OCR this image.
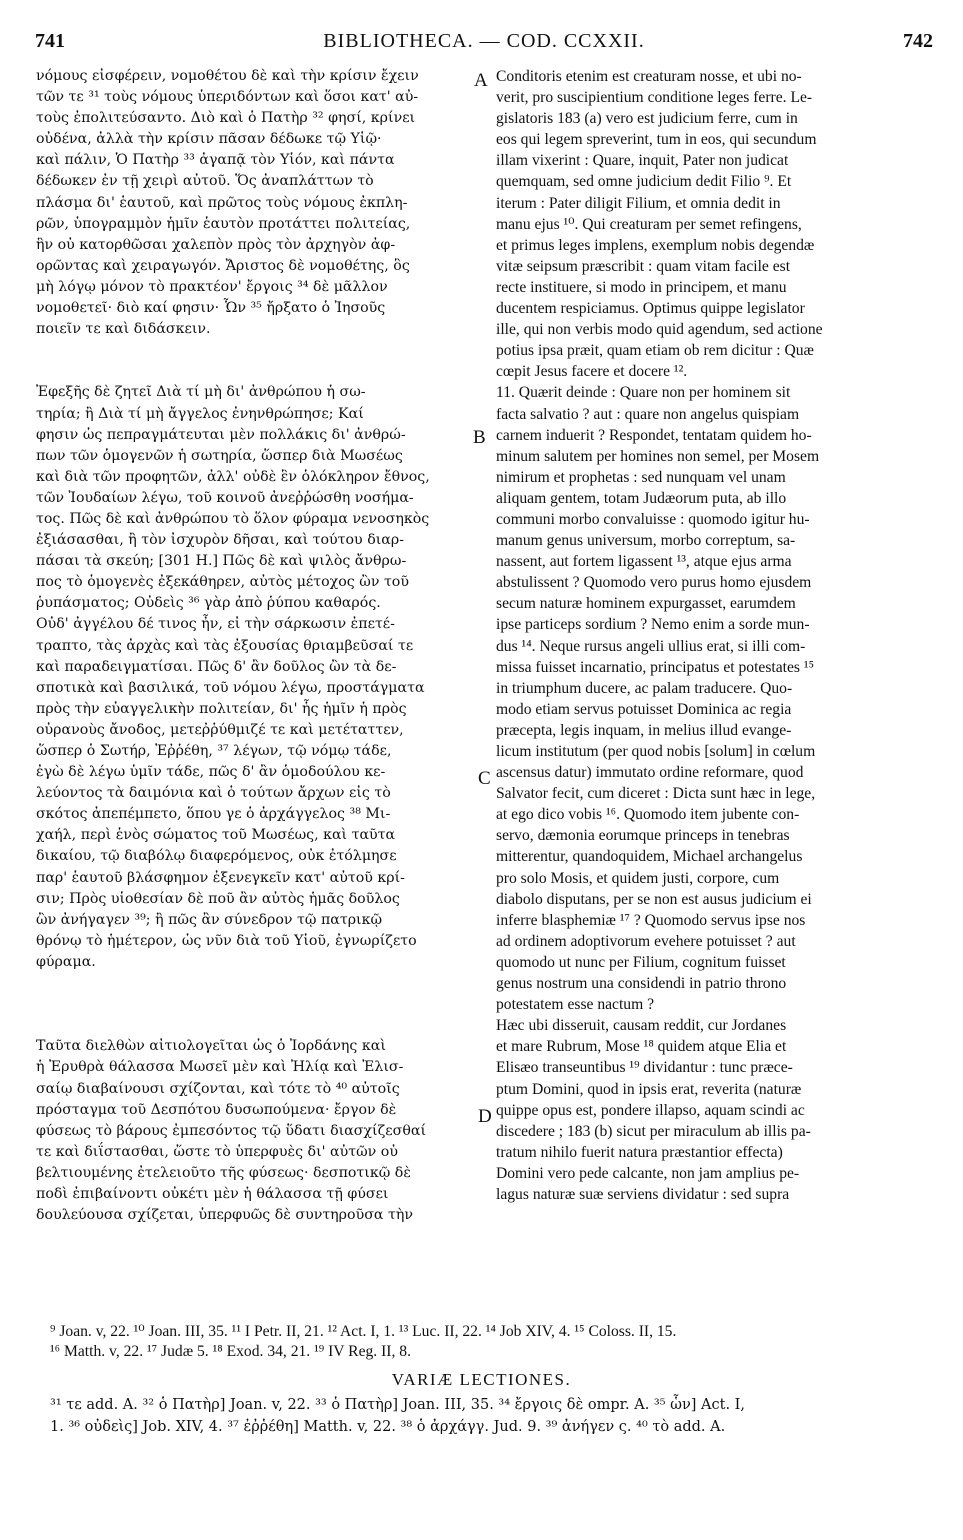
741	BIBLIOTHECA. — COD. CCXXII.	742
νόμους εἰσφέρειν, νομοθέτου δὲ καὶ τὴν κρίσιν ἔχειν
τῶν τε ³¹ τοὺς νόμους ὑπεριδόντων καὶ ὅσοι κατ' αὐ-
τοὺς ἐπολιτεύσαντο. Διὸ καὶ ὁ Πατὴρ ³² φησί, κρίνει
οὐδένα, ἀλλὰ τὴν κρίσιν πᾶσαν δέδωκε τῷ Υἱῷ·
καὶ πάλιν, Ὁ Πατὴρ ³³ ἀγαπᾷ τὸν Υἱόν, καὶ πάντα
δέδωκεν ἐν τῇ χειρὶ αὐτοῦ. Ὅς ἀναπλάττων τὸ
πλάσμα δι' ἑαυτοῦ, καὶ πρῶτος τοὺς νόμους ἐκπλη-
ρῶν, ὑπογραμμὸν ἡμῖν ἑαυτὸν προτάττει πολιτείας,
ἣν οὐ κατορθῶσαι χαλεπὸν πρὸς τὸν ἀρχηγὸν ἀφ-
ορῶντας καὶ χειραγωγόν. Ἄριστος δὲ νομοθέτης, ὃς
μὴ λόγῳ μόνον τὸ πρακτέον' ἔργοις ³⁴ δὲ μᾶλλον
νομοθετεῖ· διὸ καί φησιν· Ὧν ³⁵ ἤρξατο ὁ Ἰησοῦς
ποιεῖν τε καὶ διδάσκειν.

Ἐφεξῆς δὲ ζητεῖ Διὰ τί μὴ δι' ἀνθρώπου ἡ σω-
τηρία; ἢ Διὰ τί μὴ ἄγγελος ἐνηνθρώπησε; Καί
φησιν ὡς πεπραγμάτευται μὲν πολλάκις δι' ἀνθρώ-
πων τῶν ὁμογενῶν ἡ σωτηρία, ὥσπερ διὰ Μωσέως
καὶ διὰ τῶν προφητῶν, ἀλλ' οὐδὲ ἓν ὁλόκληρον ἔθνος,
τῶν Ἰουδαίων λέγω, τοῦ κοινοῦ ἀνεῤῥώσθη νοσήμα-
τος. Πῶς δὲ καὶ ἀνθρώπου τὸ ὅλον φύραμα νενοσηκὸς
ἐξιάσασθαι, ἢ τὸν ἰσχυρὸν δῆσαι, καὶ τούτου διαρ-
πάσαι τὰ σκεύη; [301 Η.] Πῶς δὲ καὶ ψιλὸς ἄνθρω-
πος τὸ ὁμογενὲς ἐξεκάθηρεν, αὐτὸς μέτοχος ὢν τοῦ
ῥυπάσματος; Οὐδεὶς ³⁶ γὰρ ἀπὸ ῥύπου καθαρός.
Οὐδ' ἀγγέλου δέ τινος ἦν, εἰ τὴν σάρκωσιν ἐπετέ-
τραπτο, τὰς ἀρχὰς καὶ τὰς ἐξουσίας θριαμβεῦσαί τε
καὶ παραδειγματίσαι. Πῶς δ' ἂν δοῦλος ὢν τὰ δε-
σποτικὰ καὶ βασιλικά, τοῦ νόμου λέγω, προστάγματα
πρὸς τὴν εὐαγγελικὴν πολιτείαν, δι' ἧς ἡμῖν ἡ πρὸς
οὐρανοὺς ἄνοδος, μετεῤῥύθμιζέ τε καὶ μετέταττεν,
ὥσπερ ὁ Σωτήρ, Ἐῤῥέθη, ³⁷ λέγων, τῷ νόμῳ τάδε,
ἐγὼ δὲ λέγω ὑμῖν τάδε, πῶς δ' ἂν ὁμοδούλου κε-
λεύοντος τὰ δαιμόνια καὶ ὁ τούτων ἄρχων εἰς τὸ
σκότος ἀπεπέμπετο, ὅπου γε ὁ ἀρχάγγελος ³⁸ Μι-
χαήλ, περὶ ἑνὸς σώματος τοῦ Μωσέως, καὶ ταῦτα
δικαίου, τῷ διαβόλῳ διαφερόμενος, οὐκ ἐτόλμησε
παρ' ἑαυτοῦ βλάσφημον ἐξενεγκεῖν κατ' αὐτοῦ κρί-
σιν; Πρὸς υἱοθεσίαν δὲ ποῦ ἂν αὐτὸς ἡμᾶς δοῦλος
ὢν ἀνήγαγεν ³⁹; ἢ πῶς ἂν σύνεδρον τῷ πατρικῷ
θρόνῳ τὸ ἡμέτερον, ὡς νῦν διὰ τοῦ Υἱοῦ, ἐγνωρίζετο
φύραμα.

Ταῦτα διελθὼν αἰτιολογεῖται ὡς ὁ Ἰορδάνης καὶ
ἡ Ἐρυθρὰ θάλασσα Μωσεῖ μὲν καὶ Ἠλίᾳ καὶ Ἐλισ-
σαίῳ διαβαίνουσι σχίζονται, καὶ τότε τὸ ⁴⁰ αὐτοῖς
πρόσταγμα τοῦ Δεσπότου δυσωπούμενα· ἔργον δὲ
φύσεως τὸ βάρους ἐμπεσόντος τῷ ὕδατι διασχίζεσθαί
τε καὶ διΐστασθαι, ὥστε τὸ ὑπερφυὲς δι' αὐτῶν οὐ
βελτιουμένης ἐτελειοῦτο τῆς φύσεως· δεσποτικῷ δὲ
ποδὶ ἐπιβαίνοντι οὐκέτι μὲν ἡ θάλασσα τῇ φύσει
δουλεύουσα σχίζεται, ὑπερφυῶς δὲ συντηροῦσα τὴν
Conditoris etenim est creaturam nosse, et ubi no-
verit, pro suscipientium conditione leges ferre. Le-
gislatoris 183 (a) vero est judicium ferre, cum in
eos qui legem spreverint, tum in eos, qui secundum
illam vixerint : Quare, inquit, Pater non judicat
quemquam, sed omne judicium dedit Filio ⁹. Et
iterum : Pater diligit Filium, et omnia dedit in
manu ejus ¹⁰. Qui creaturam per semet refingens,
et primus leges implens, exemplum nobis degendæ
vitæ seipsum præscribit : quam vitam facile est
recte instituere, si modo in principem, et manu
ducentem respiciamus. Optimus quippe legislator
ille, qui non verbis modo quid agendum, sed actione
potius ipsa præit, quam etiam ob rem dicitur : Quæ
cœpit Jesus facere et docere ¹².
11. Quærit deinde : Quare non per hominem sit
facta salvatio ? aut : quare non angelus quispiam
carnem induerit ? Respondet, tentatam quidem ho-
minum salutem per homines non semel, per Mosem
nimirum et prophetas : sed nunquam vel unam
aliquam gentem, totam Judæorum puta, ab illo
communi morbo convaluisse : quomodo igitur hu-
manum genus universum, morbo correptum, sa-
nassent, aut fortem ligassent ¹³, atque ejus arma
abstulissent ? Quomodo vero purus homo ejusdem
secum naturæ hominem expurgasset, earumdem
ipse particeps sordium ? Nemo enim a sorde mun-
dus ¹⁴. Neque rursus angeli ullius erat, si illi com-
missa fuisset incarnatio, principatus et potestates ¹⁵
in triumphum ducere, ac palam traducere. Quo-
modo etiam servus potuisset Dominica ac regia
præcepta, legis inquam, in melius illud evange-
licum institutum (per quod nobis [solum] in cœlum
ascensus datur) immutato ordine reformare, quod
Salvator fecit, cum diceret : Dicta sunt hæc in lege,
at ego dico vobis ¹⁶. Quomodo item jubente con-
servo, dæmonia eorumque princeps in tenebras
mitterentur, quandoquidem, Michael archangelus
pro solo Mosis, et quidem justi, corpore, cum
diabolo disputans, per se non est ausus judicium ei
inferre blasphemiæ ¹⁷ ? Quomodo servus ipse nos
ad ordinem adoptivorum evehere potuisset ? aut
quomodo ut nunc per Filium, cognitum fuisset
genus nostrum una considendi in patrio throno
potestatem esse nactum ?
Hæc ubi disseruit, causam reddit, cur Jordanes
et mare Rubrum, Mose ¹⁸ quidem atque Elia et
Elisæo transeuntibus ¹⁹ dividantur : tunc præce-
ptum Domini, quod in ipsis erat, reverita (naturæ
quippe opus est, pondere illapso, aquam scindi ac
discedere ; 183 (b) sicut per miraculum ab illis pa-
tratum nihilo fuerit natura præstantior effecta)
Domini vero pede calcante, non jam amplius pe-
lagus naturæ suæ serviens dividatur : sed supra
A
B
C
D
⁹ Joan. v, 22. ¹⁰ Joan. III, 35. ¹¹ I Petr. II, 21. ¹² Act. I, 1. ¹³ Luc. II, 22. ¹⁴ Job XIV, 4. ¹⁵ Coloss. II, 15.
¹⁶ Matth. v, 22. ¹⁷ Judæ 5. ¹⁸ Exod. 34, 21. ¹⁹ IV Reg. II, 8.
VARIÆ LECTIONES.
³¹ τε add. A. ³² ὁ Πατὴρ] Joan. v, 22. ³³ ὁ Πατὴρ] Joan. III, 35. ³⁴ ἔργοις δὲ ompr. A. ³⁵ ὧν] Act. I,
1. ³⁶ οὐδεὶς] Job. XIV, 4. ³⁷ ἐῤῥέθη] Matth. v, 22. ³⁸ ὁ ἀρχάγγ. Jud. 9. ³⁹ ἀνήγεν ς. ⁴⁰ τὸ add. A.
